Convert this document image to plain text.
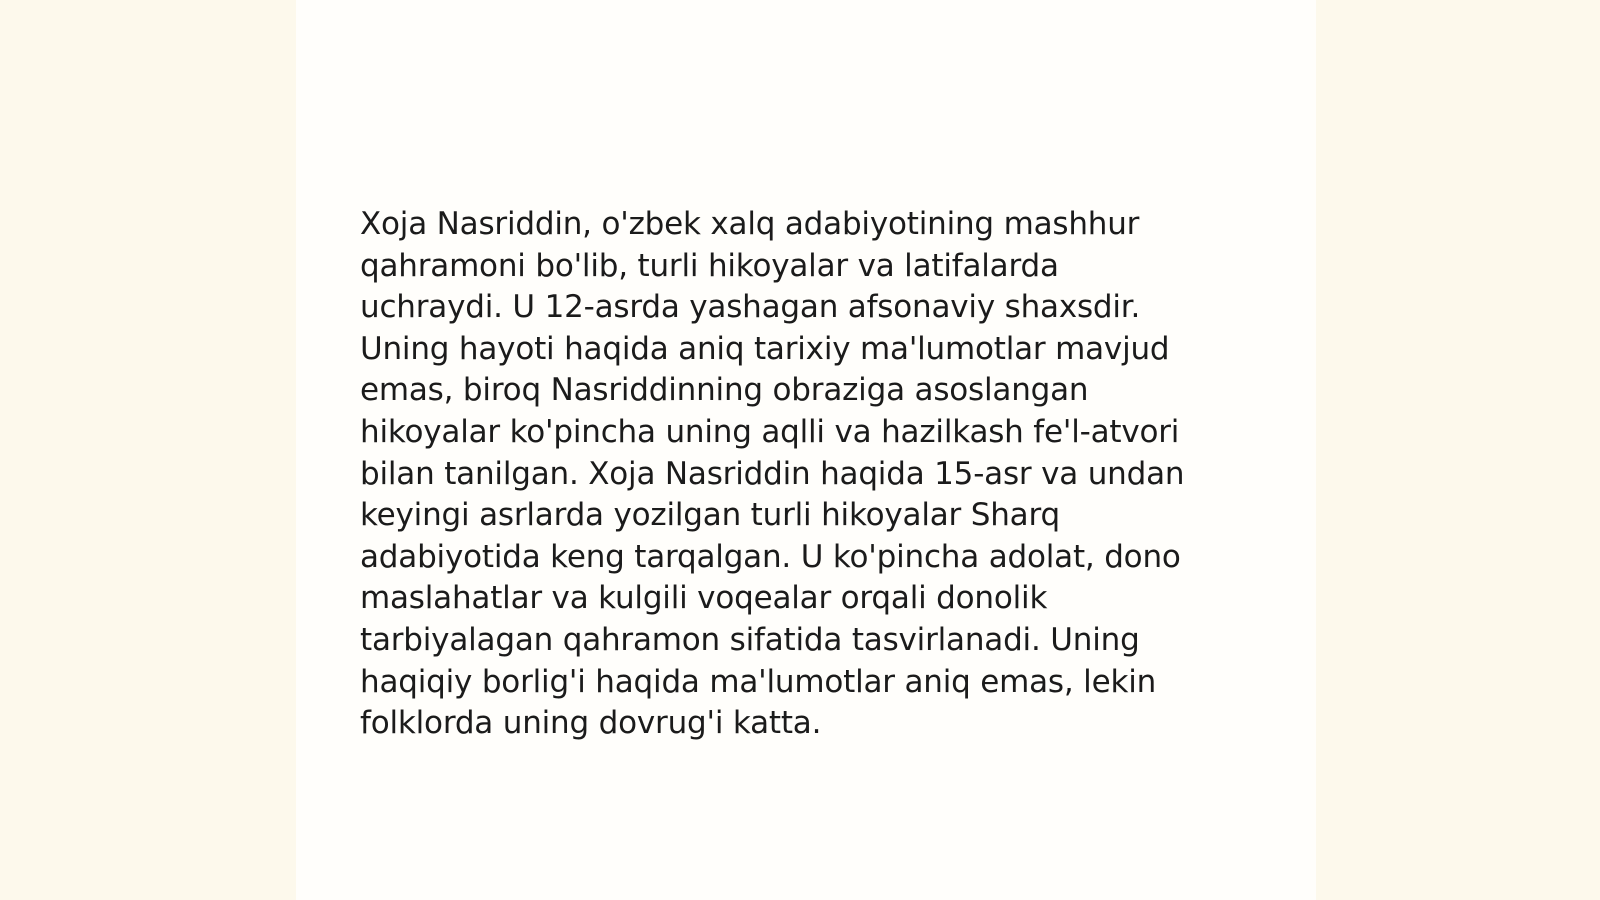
Xoja Nasriddin, o'zbek xalq adabiyotining mashhur
qahramoni bo'lib, turli hikoyalar va latifalarda
uchraydi. U 12-asrda yashagan afsonaviy shaxsdir.
Uning hayoti haqida aniq tarixiy ma'lumotlar mavjud
emas, biroq Nasriddinning obraziga asoslangan
hikoyalar ko'pincha uning aqlli va hazilkash fe'l-atvori
bilan tanilgan. Xoja Nasriddin haqida 15-asr va undan
keyingi asrlarda yozilgan turli hikoyalar Sharq
adabiyotida keng tarqalgan. U ko'pincha adolat, dono
maslahatlar va kulgili voqealar orqali donolik
tarbiyalagan qahramon sifatida tasvirlanadi. Uning
haqiqiy borlig'i haqida ma'lumotlar aniq emas, lekin
folklorda uning dovrug'i katta.
